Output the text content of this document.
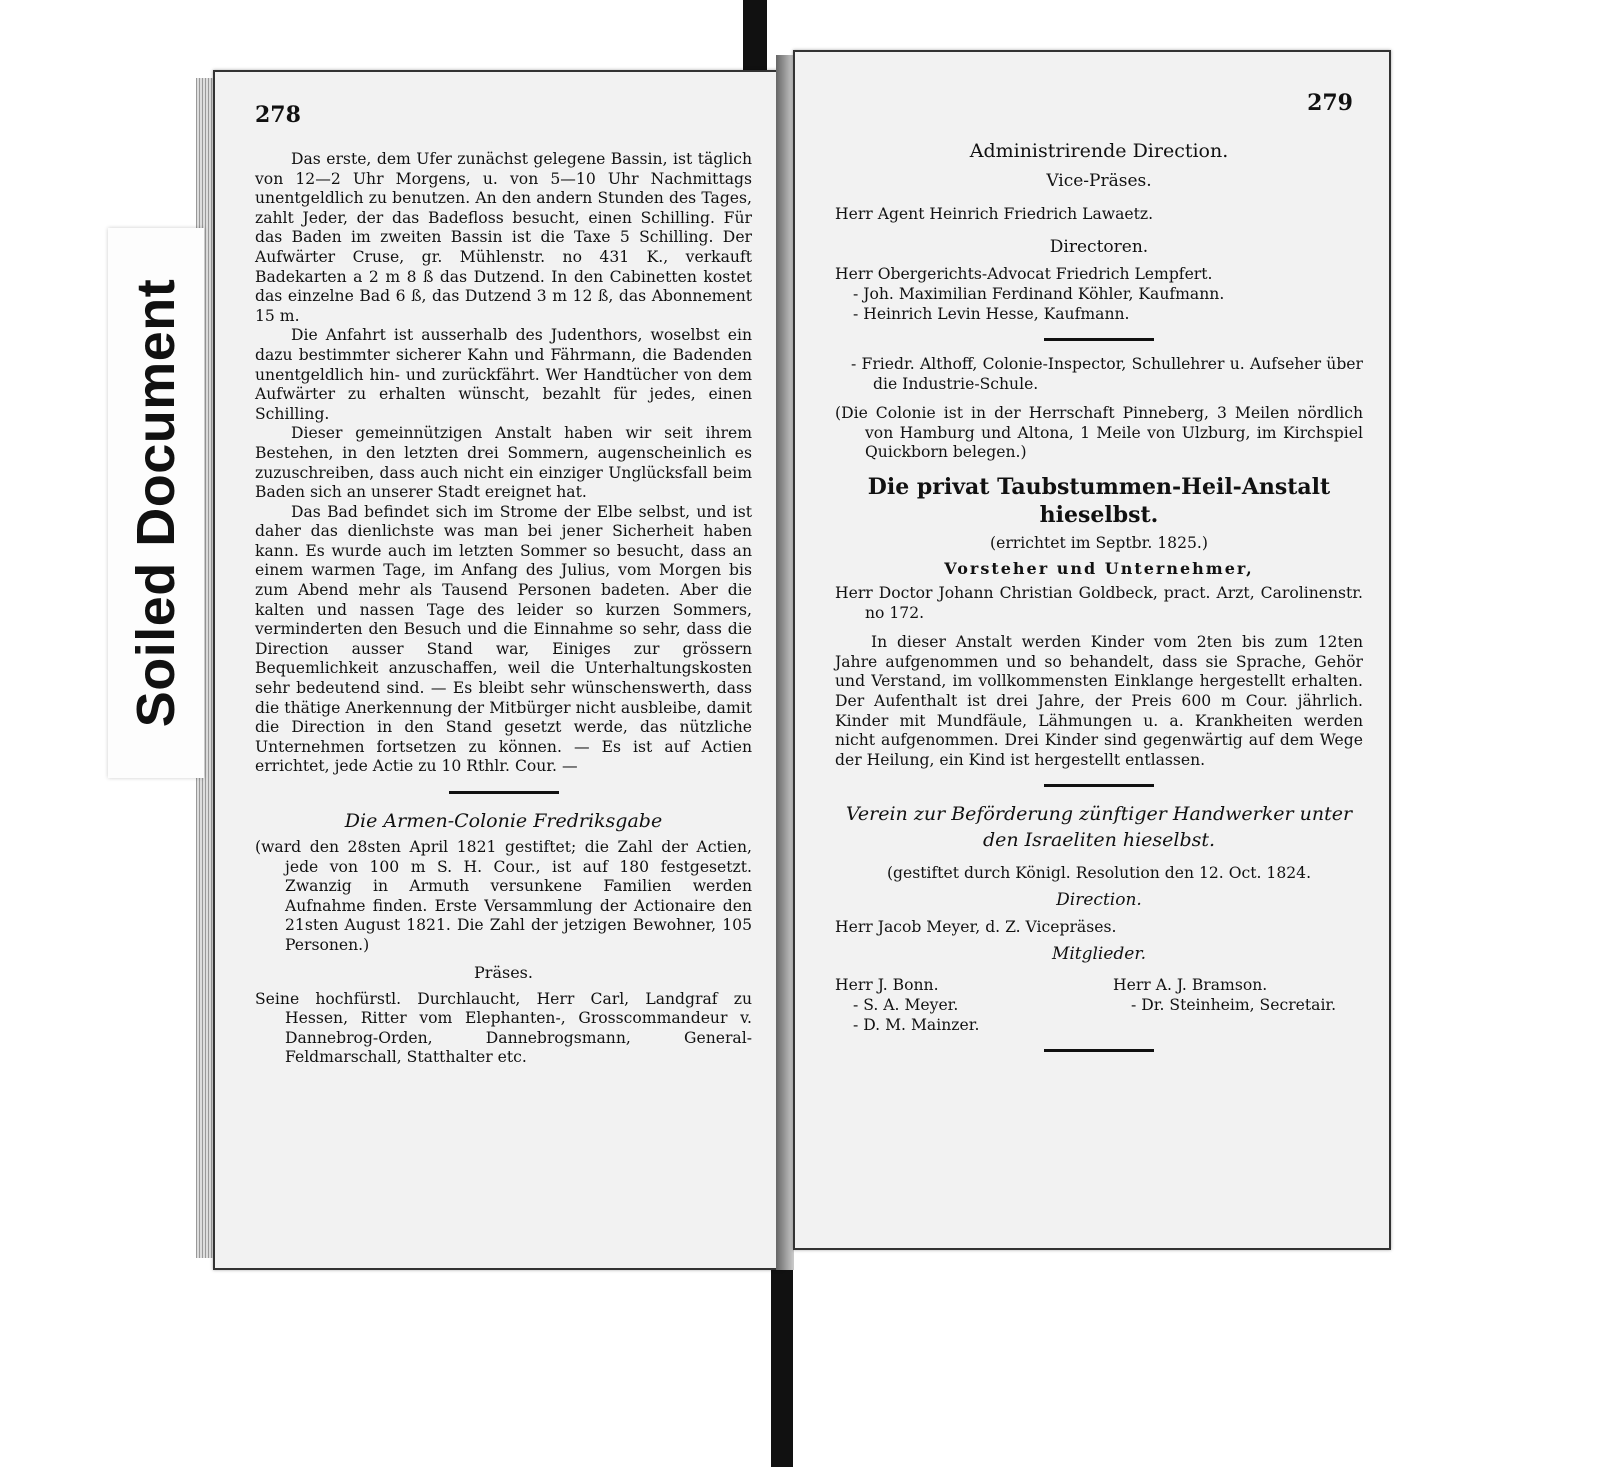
278

Das erste, dem Ufer zunächst gelegene Bassin, ist täglich von 12—2 Uhr Morgens, u. von 5—10 Uhr Nachmittags unentgeldlich zu benutzen. An den andern Stunden des Tages, zahlt Jeder, der das Badefloss besucht, einen Schilling. Für das Baden im zweiten Bassin ist die Taxe 5 Schilling. Der Aufwärter Cruse, gr. Mühlenstr. no 431 K., verkauft Badekarten a 2 m 8 ß das Dutzend. In den Cabinetten kostet das einzelne Bad 6 ß, das Dutzend 3 m 12 ß, das Abonnement 15 m.

Die Anfahrt ist ausserhalb des Judenthors, woselbst ein dazu bestimmter sicherer Kahn und Fährmann, die Badenden unentgeldlich hin- und zurückfährt. Wer Handtücher von dem Aufwärter zu erhalten wünscht, bezahlt für jedes, einen Schilling.

Dieser gemeinnützigen Anstalt haben wir seit ihrem Bestehen, in den letzten drei Sommern, augenscheinlich es zuzuschreiben, dass auch nicht ein einziger Unglücksfall beim Baden sich an unserer Stadt ereignet hat.

Das Bad befindet sich im Strome der Elbe selbst, und ist daher das dienlichste was man bei jener Sicherheit haben kann. Es wurde auch im letzten Sommer so besucht, dass an einem warmen Tage, im Anfang des Julius, vom Morgen bis zum Abend mehr als Tausend Personen badeten. Aber die kalten und nassen Tage des leider so kurzen Sommers, verminderten den Besuch und die Einnahme so sehr, dass die Direction ausser Stand war, Einiges zur grössern Bequemlichkeit anzuschaffen, weil die Unterhaltungskosten sehr bedeutend sind. — Es bleibt sehr wünschenswerth, dass die thätige Anerkennung der Mitbürger nicht ausbleibe, damit die Direction in den Stand gesetzt werde, das nützliche Unternehmen fortsetzen zu können. — Es ist auf Actien errichtet, jede Actie zu 10 Rthlr. Cour. —

Die Armen-Colonie Fredriksgabe

(ward den 28sten April 1821 gestiftet; die Zahl der Actien, jede von 100 m S. H. Cour., ist auf 180 festgesetzt. Zwanzig in Armuth versunkene Familien werden Aufnahme finden. Erste Versammlung der Actionaire den 21sten August 1821. Die Zahl der jetzigen Bewohner, 105 Personen.)

Präses.

Seine hochfürstl. Durchlaucht, Herr Carl, Landgraf zu Hessen, Ritter vom Elephanten-, Grosscommandeur v. Dannebrog-Orden, Dannebrogsmann, General-Feldmarschall, Statthalter etc.

279
Administrirende Direction.
Vice-Präses.
Herr Agent Heinrich Friedrich Lawaetz.
Directoren.
Herr Obergerichts-Advocat Friedrich Lempfert.
- Joh. Maximilian Ferdinand Köhler, Kaufmann.
- Heinrich Levin Hesse, Kaufmann.

- Friedr. Althoff, Colonie-Inspector, Schullehrer u. Aufseher über die Industrie-Schule.

(Die Colonie ist in der Herrschaft Pinneberg, 3 Meilen nördlich von Hamburg und Altona, 1 Meile von Ulzburg, im Kirchspiel Quickborn belegen.)

Die privat Taubstummen-Heil-Anstalt hieselbst.
(errichtet im Septbr. 1825.)
Vorsteher und Unternehmer,

Herr Doctor Johann Christian Goldbeck, pract. Arzt, Carolinenstr. no 172.

In dieser Anstalt werden Kinder vom 2ten bis zum 12ten Jahre aufgenommen und so behandelt, dass sie Sprache, Gehör und Verstand, im vollkommensten Einklange hergestellt erhalten. Der Aufenthalt ist drei Jahre, der Preis 600 m Cour. jährlich. Kinder mit Mundfäule, Lähmungen u. a. Krankheiten werden nicht aufgenommen. Drei Kinder sind gegenwärtig auf dem Wege der Heilung, ein Kind ist hergestellt entlassen.

Verein zur Beförderung zünftiger Handwerker unter den Israeliten hieselbst.
(gestiftet durch Königl. Resolution den 12. Oct. 1824.
Direction.
Herr Jacob Meyer, d. Z. Vicepräses.
Mitglieder.
Herr J. Bonn.
- S. A. Meyer.
- D. M. Mainzer.
Herr A. J. Bramson.
- Dr. Steinheim, Secretair.
Soiled Document
